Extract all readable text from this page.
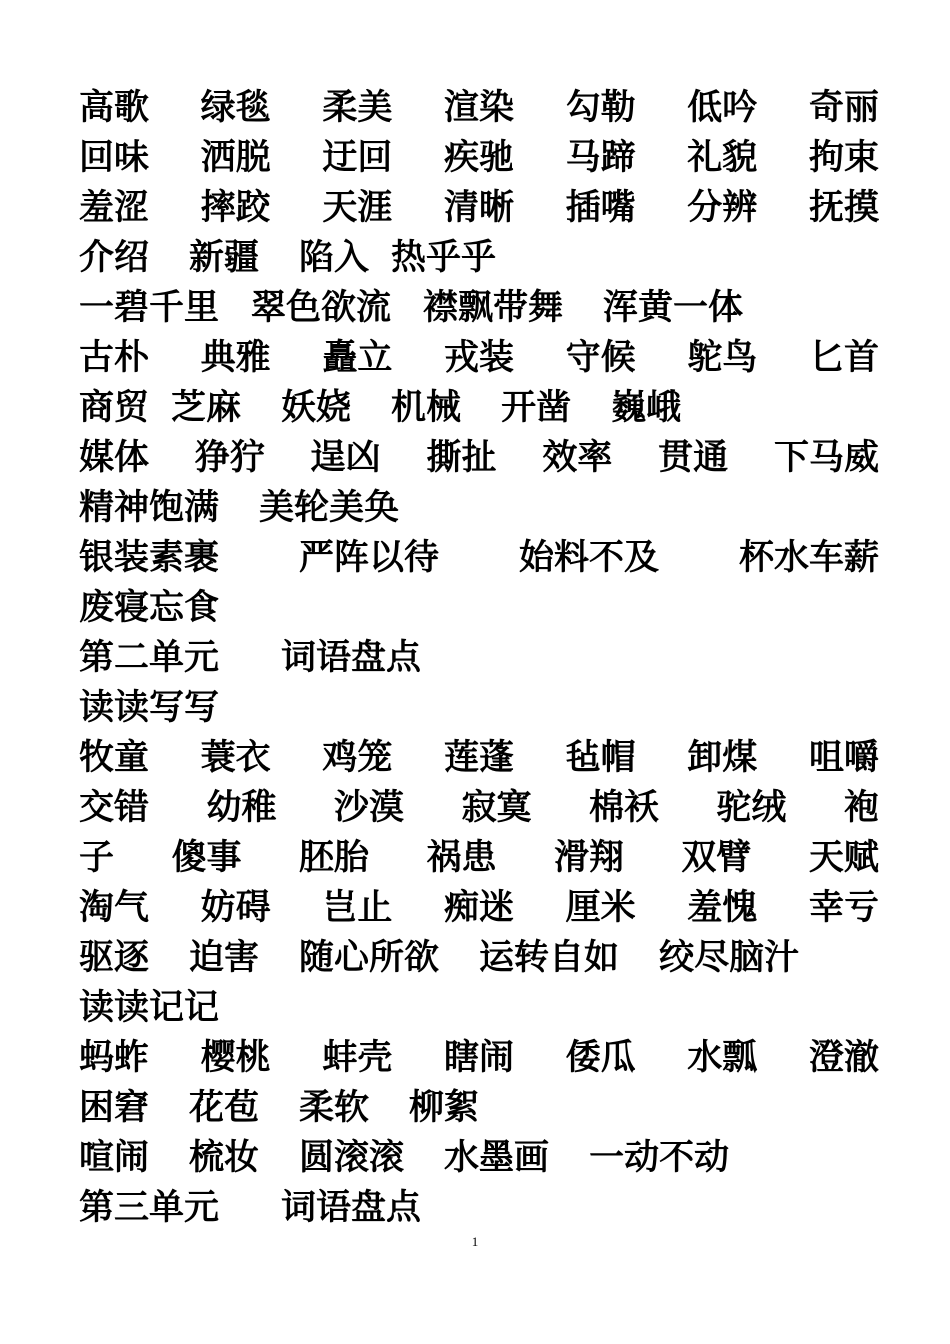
高歌 绿毯 柔美 渲染 勾勒 低吟 奇丽
回味 洒脱 迂回 疾驰 马蹄 礼貌 拘束
羞涩 摔跤 天涯 清晰 插嘴 分辨 抚摸
介绍 新疆 陷入 热乎乎
一碧千里 翠色欲流 襟飘带舞 浑黄一体
古朴 典雅 矗立 戎装 守候 鸵鸟 匕首
商贸 芝麻 妖娆 机械 开凿 巍峨
媒体 狰狞 逞凶 撕扯 效率 贯通 下马威
精神饱满 美轮美奂
银装素裹 严阵以待 始料不及 杯水车薪
废寝忘食
第二单元 词语盘点
读读写写
牧童 蓑衣 鸡笼 莲蓬 毡帽 卸煤 咀嚼
交错 幼稚 沙漠 寂寞 棉袄 驼绒 袍
子 傻事 胚胎 祸患 滑翔 双臂 天赋
淘气 妨碍 岂止 痴迷 厘米 羞愧 幸亏
驱逐 迫害 随心所欲 运转自如 绞尽脑汁
读读记记
蚂蚱 樱桃 蚌壳 瞎闹 倭瓜 水瓢 澄澈
困窘 花苞 柔软 柳絮
喧闹 梳妆 圆滚滚 水墨画 一动不动
第三单元 词语盘点
1
